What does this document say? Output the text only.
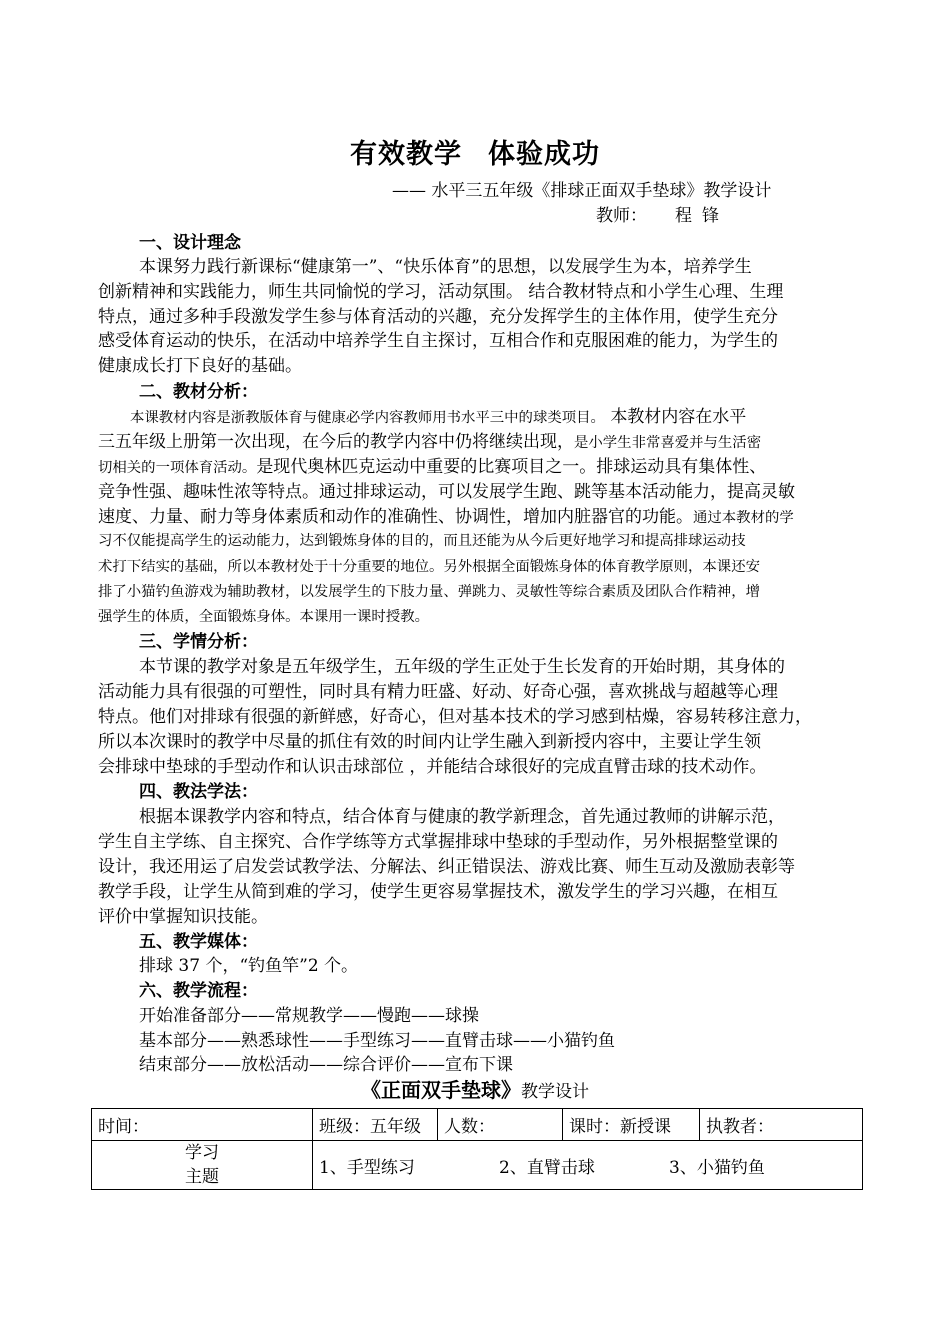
有效教学 体验成功
—— 水平三五年级《排球正面双手垫球》教学设计
教师： 程锋
一、设计理念
本课努力践行新课标“健康第一”、“快乐体育”的思想，以发展学生为本，培养学生
创新精神和实践能力，师生共同愉悦的学习，活动氛围。 结合教材特点和小学生心理、生理
特点，通过多种手段激发学生参与体育活动的兴趣，充分发挥学生的主体作用，使学生充分
感受体育运动的快乐，在活动中培养学生自主探讨，互相合作和克服困难的能力，为学生的
健康成长打下良好的基础。
二、教材分析：
本课教材内容是浙教版体育与健康必学内容教师用书水平三中的球类项目。 本教材内容在水平
三五年级上册第一次出现，在今后的教学内容中仍将继续出现，是小学生非常喜爱并与生活密
切相关的一项体育活动。是现代奥林匹克运动中重要的比赛项目之一。排球运动具有集体性、
竞争性强、趣味性浓等特点。通过排球运动，可以发展学生跑、跳等基本活动能力，提高灵敏
速度、力量、耐力等身体素质和动作的准确性、协调性，增加内脏器官的功能。通过本教材的学
习不仅能提高学生的运动能力，达到锻炼身体的目的，而且还能为从今后更好地学习和提高排球运动技
术打下结实的基础，所以本教材处于十分重要的地位。另外根据全面锻炼身体的体育教学原则，本课还安
排了小猫钓鱼游戏为辅助教材，以发展学生的下肢力量、弹跳力、灵敏性等综合素质及团队合作精神，增
强学生的体质，全面锻炼身体。本课用一课时授教。
三、学情分析：
本节课的教学对象是五年级学生，五年级的学生正处于生长发育的开始时期，其身体的
活动能力具有很强的可塑性，同时具有精力旺盛、好动、好奇心强，喜欢挑战与超越等心理
特点。他们对排球有很强的新鲜感，好奇心，但对基本技术的学习感到枯燥，容易转移注意力，
所以本次课时的教学中尽量的抓住有效的时间内让学生融入到新授内容中，主要让学生领
会排球中垫球的手型动作和认识击球部位 ，并能结合球很好的完成直臂击球的技术动作。
四、教法学法：
根据本课教学内容和特点，结合体育与健康的教学新理念，首先通过教师的讲解示范，
学生自主学练、自主探究、合作学练等方式掌握排球中垫球的手型动作，另外根据整堂课的
设计，我还用运了启发尝试教学法、分解法、纠正错误法、游戏比赛、师生互动及激励表彰等
教学手段，让学生从简到难的学习，使学生更容易掌握技术，激发学生的学习兴趣，在相互
评价中掌握知识技能。
五、教学媒体：
排球 37 个，“钓鱼竿”2 个。
六、教学流程：
开始准备部分——常规教学——慢跑——球操
基本部分——熟悉球性——手型练习——直臂击球——小猫钓鱼
结束部分——放松活动——综合评价——宣布下课
《正面双手垫球》教学设计
时间：	班级：五年级	人数：	课时：新授课	执教者：
学习
主题	1、手型练习 2、直臂击球 3、小猫钓鱼			
